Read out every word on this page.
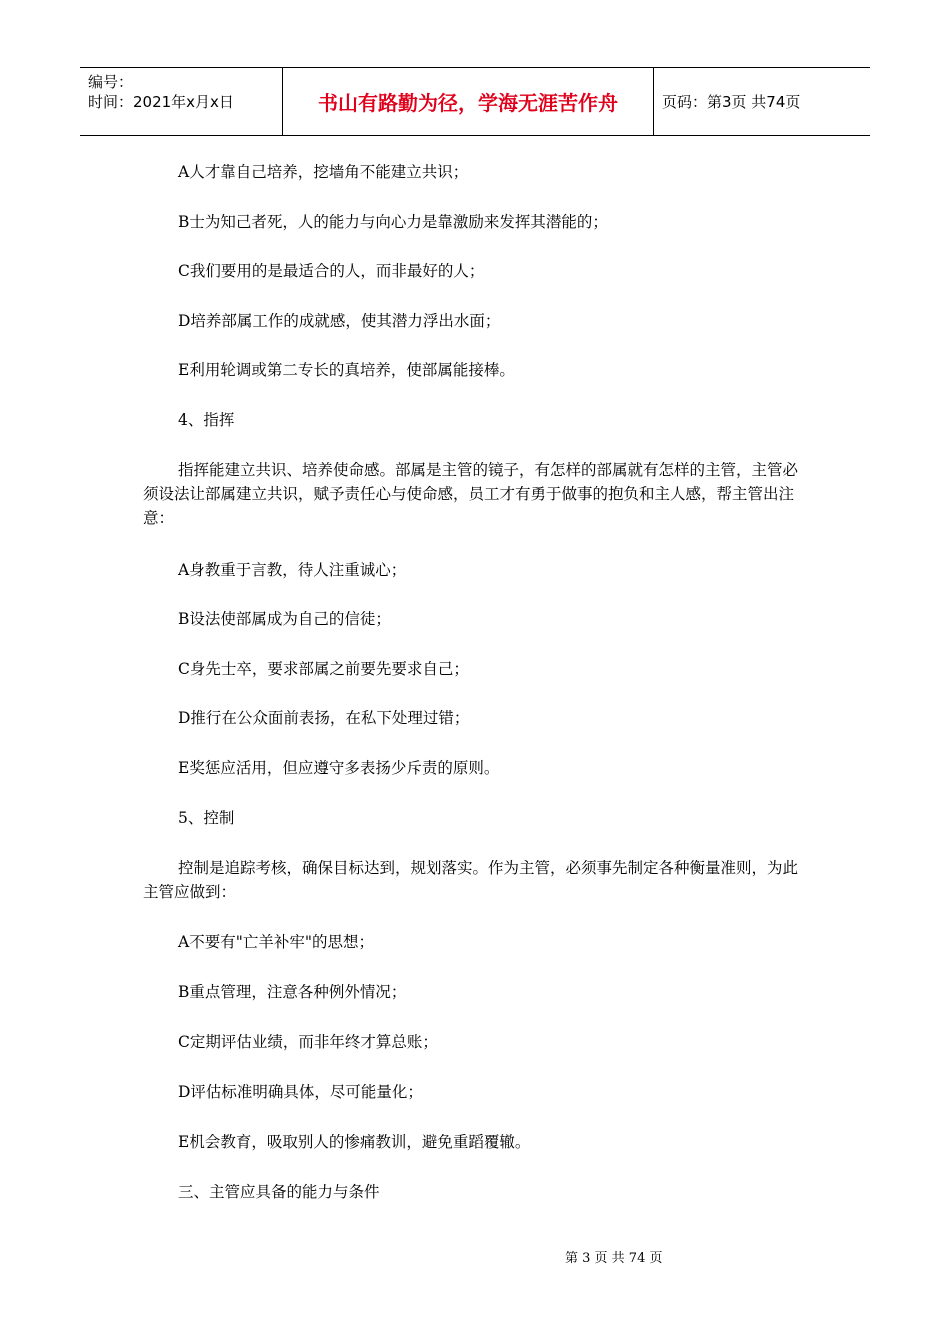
编号：
时间：2021年x月x日	书山有路勤为径，学海无涯苦作舟	页码：第3页 共74页
A人才靠自己培养，挖墙角不能建立共识；
B士为知己者死，人的能力与向心力是靠激励来发挥其潜能的；
C我们要用的是最适合的人，而非最好的人；
D培养部属工作的成就感，使其潜力浮出水面；
E利用轮调或第二专长的真培养，使部属能接棒。
4、指挥
指挥能建立共识、培养使命感。部属是主管的镜子，有怎样的部属就有怎样的主管，主管必须设法让部属建立共识，赋予责任心与使命感，员工才有勇于做事的抱负和主人感，帮主管出注意：
A身教重于言教，待人注重诚心；
B设法使部属成为自己的信徒；
C身先士卒，要求部属之前要先要求自己；
D推行在公众面前表扬，在私下处理过错；
E奖惩应活用，但应遵守多表扬少斥责的原则。
5、控制
控制是追踪考核，确保目标达到，规划落实。作为主管，必须事先制定各种衡量准则，为此主管应做到：
A不要有"亡羊补牢"的思想；
B重点管理，注意各种例外情况；
C定期评估业绩，而非年终才算总账；
D评估标准明确具体，尽可能量化；
E机会教育，吸取别人的惨痛教训，避免重蹈覆辙。
三、主管应具备的能力与条件
第 3 页 共 74 页
